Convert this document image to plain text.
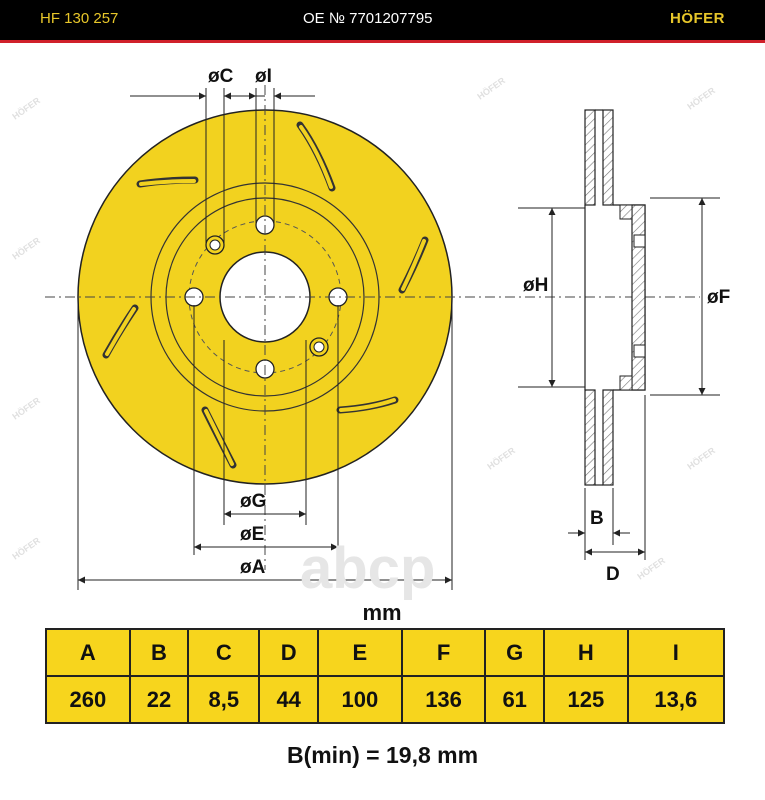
HF 130 257	OE № 7701207795	HÖFER
HÖFER
HÖFER
HÖFER
HÖFER
HÖFER
HÖFER
HÖFER
HÖFER
HÖFER
øC øI
øG
øE
øA abcp
øH
øF
B
D
mm
A	B	C	D	E	F	G	H	I
260	22	8,5	44	100	136	61	125	13,6
B(min) = 19,8 mm
